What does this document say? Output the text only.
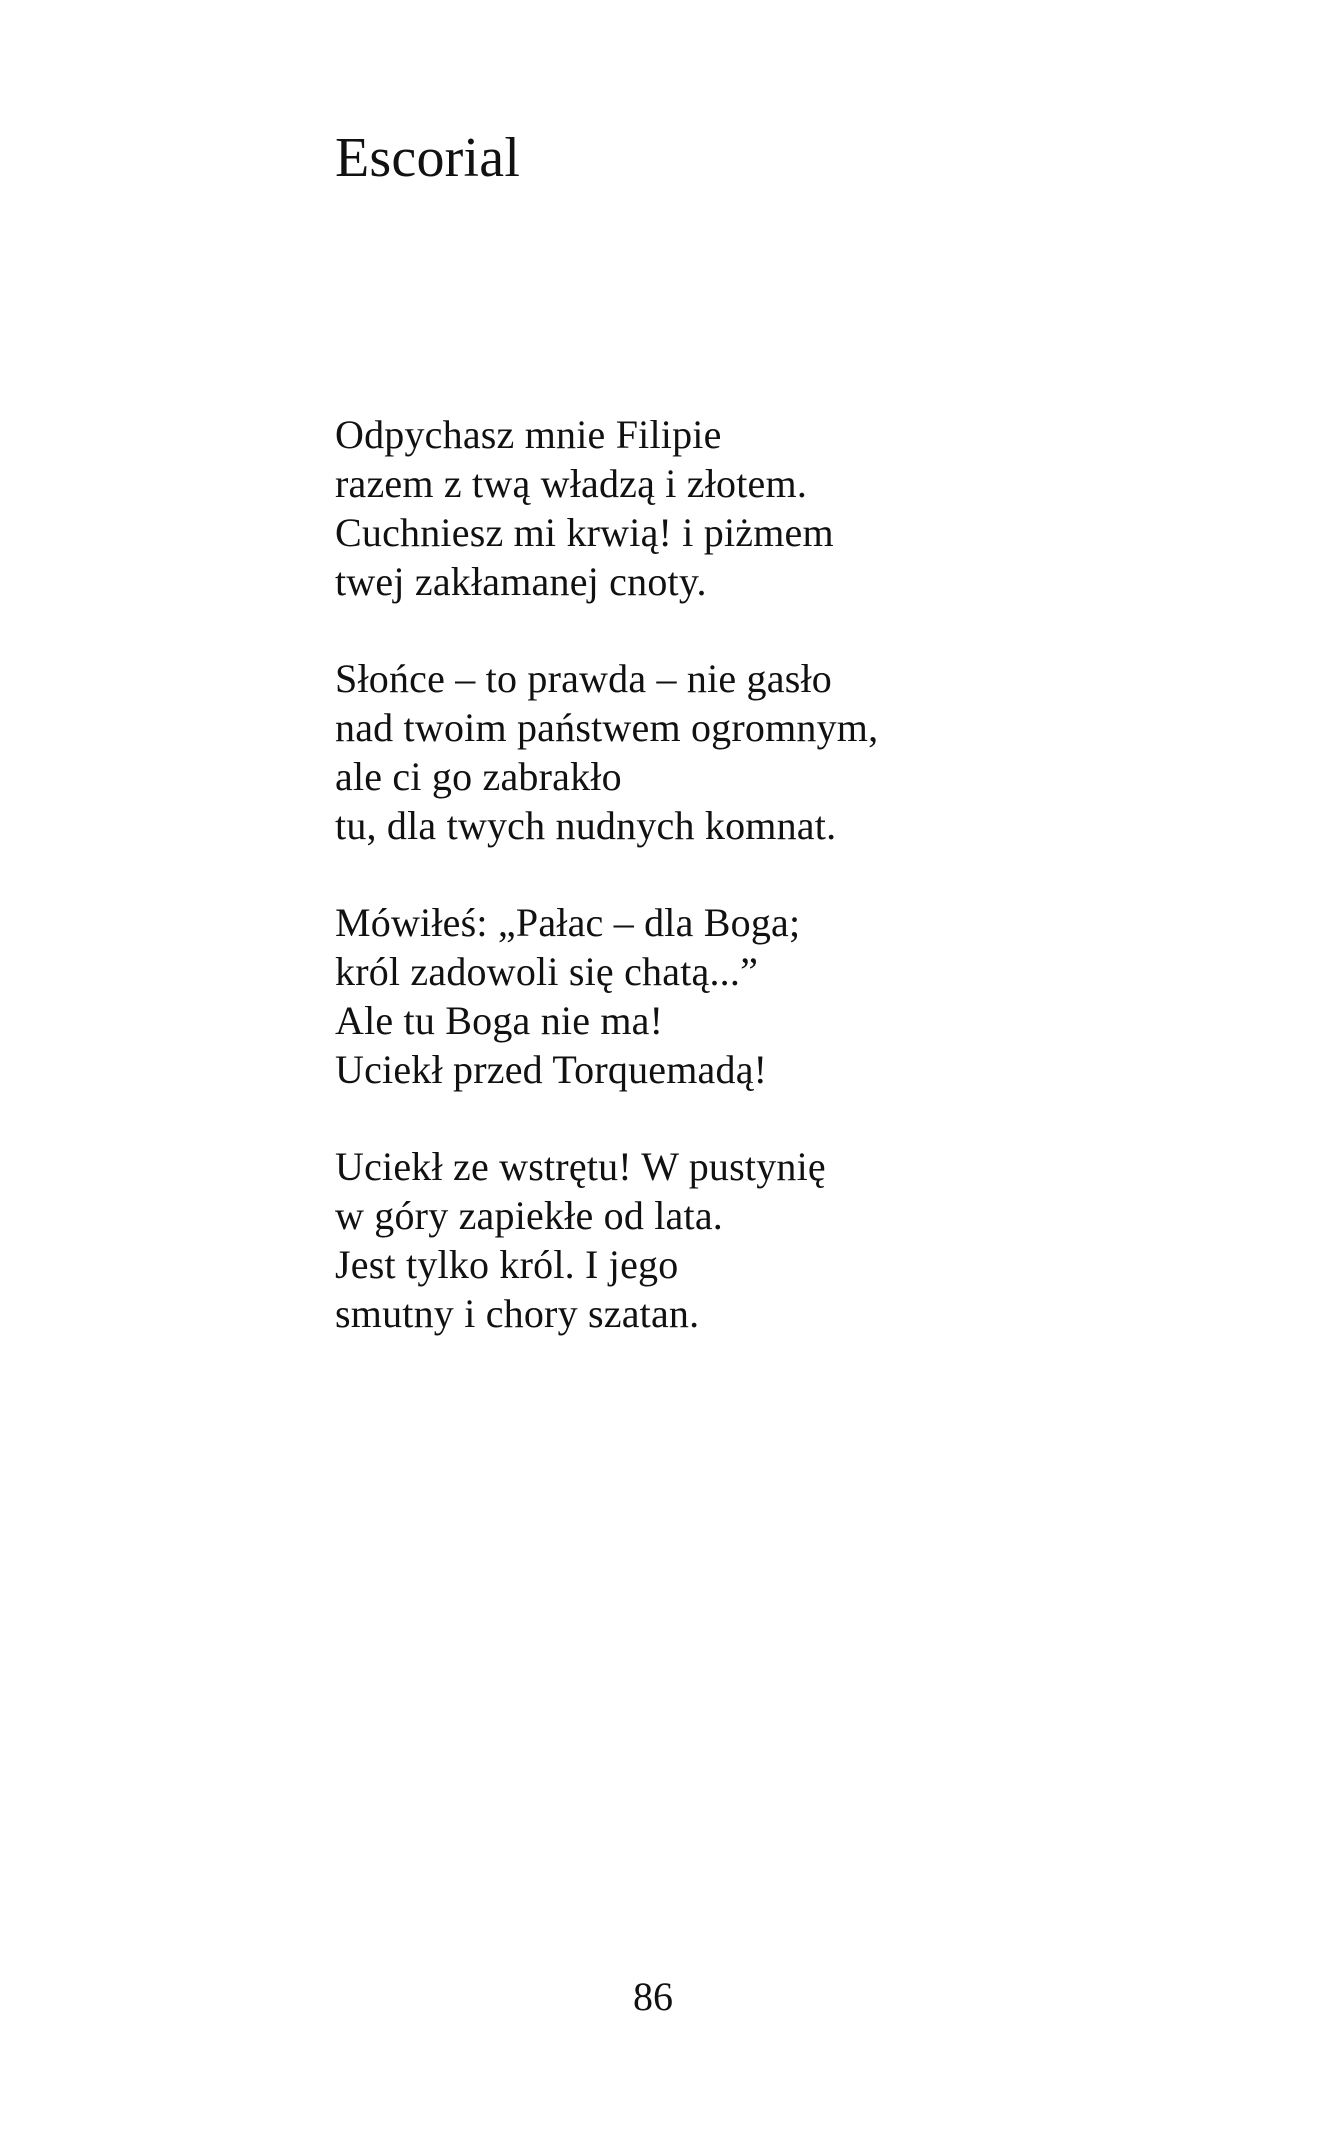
Escorial
Odpychasz mnie Filipie
razem z twą władzą i złotem.
Cuchniesz mi krwią! i piżmem
twej zakłamanej cnoty.
Słońce – to prawda – nie gasło
nad twoim państwem ogromnym,
ale ci go zabrakło
tu, dla twych nudnych komnat.
Mówiłeś: „Pałac – dla Boga;
król zadowoli się chatą...”
Ale tu Boga nie ma!
Uciekł przed Torquemadą!
Uciekł ze wstrętu! W pustynię
w góry zapiekłe od lata.
Jest tylko król. I jego
smutny i chory szatan.
86
